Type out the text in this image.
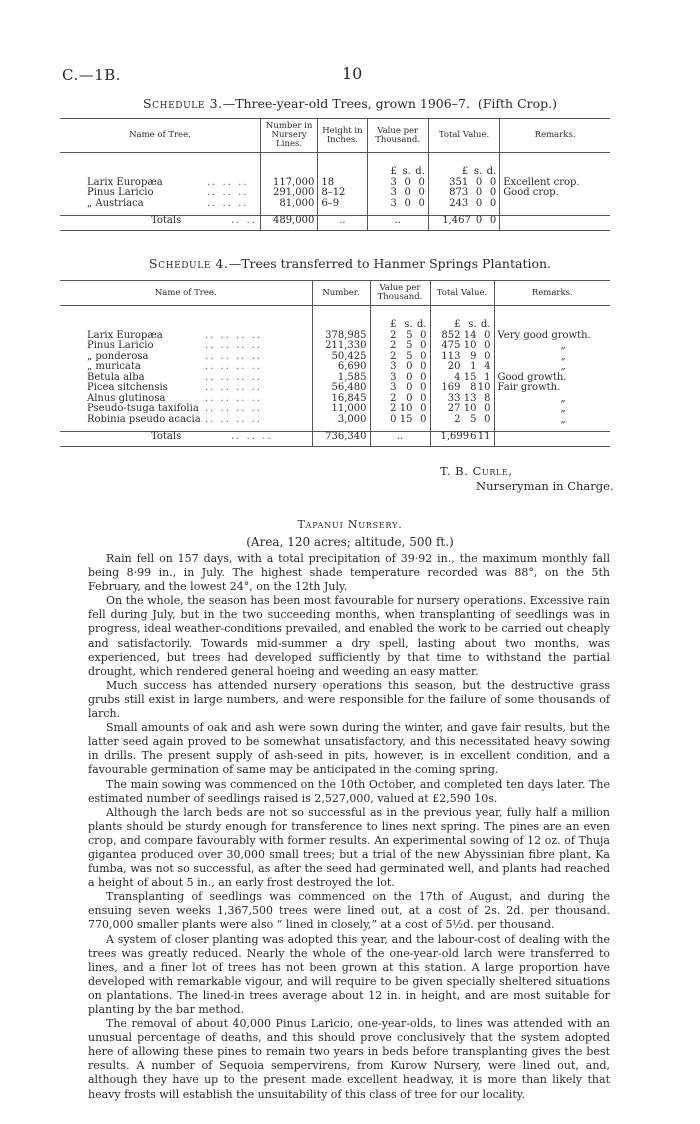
C.—1B.	10
Schedule 3.—Three-year-old Trees, grown 1906–7. (Fifth Crop.)
Name of Tree.	Number in Nursery Lines.	Height in Inches.	Value per Thousand.	Total Value.	Remarks.

			£ s. d.	£ s. d.	

Larix Europæa .. .. ..	117,000	18	3 0 0	351 0 0	Excellent crop.
Pinus Laricio .. .. ..	291,000	8–12	3 0 0	873 0 0	Good crop.
„ Austriaca .. .. ..	81,000	6–9	3 0 0	243 0 0	

Totals .. ..	489,000	..	..	1,467 0 0	

Schedule 4.—Trees transferred to Hanmer Springs Plantation.
Name of Tree.	Number.	Value per Thousand.	Total Value.	Remarks.

		£ s. d.	£ s. d.	

Larix Europæa .. .. .. ..	378,985	2 5 0	852 14 0	Very good growth.
Pinus Laricio .. .. .. ..	211,330	2 5 0	475 10 0	„
„ ponderosa .. .. .. ..	50,425	2 5 0	113 9 0	„
„ muricata .. .. .. ..	6,690	3 0 0	20 1 4	„
Betula alba .. .. .. ..	1,585	3 0 0	4 15 1	Good growth.
Picea sitchensis .. .. .. ..	56,480	3 0 0	169 810	Fair growth.
Alnus glutinosa .. .. .. ..	16,845	2 0 0	33 13 8	„
Pseudo-tsuga taxifolia .. .. .. ..	11,000	2 10 0	27 10 0	„
Robinia pseudo acacia .. .. .. ..	3,000	0 15 0	2 5 0	„

Totals .. .. ..	736,340	..	1,699611	

T. B. Curle,
Nurseryman in Charge.
Tapanui Nursery.
(Area, 120 acres; altitude, 500 ft.)

Rain fell on 157 days, with a total precipitation of 39·92 in., the maximum monthly fall being 8·99 in., in July. The highest shade temperature recorded was 88°, on the 5th February, and the lowest 24°, on the 12th July.

On the whole, the season has been most favourable for nursery operations. Excessive rain fell during July, but in the two succeeding months, when transplanting of seedlings was in progress, ideal weather-conditions prevailed, and enabled the work to be carried out cheaply and satisfactorily. Towards mid-summer a dry spell, lasting about two months, was experienced, but trees had developed sufficiently by that time to withstand the partial drought, which rendered general hoeing and weeding an easy matter.

Much success has attended nursery operations this season, but the destructive grass grubs still exist in large numbers, and were responsible for the failure of some thousands of larch.

Small amounts of oak and ash were sown during the winter, and gave fair results, but the latter seed again proved to be somewhat unsatisfactory, and this necessitated heavy sowing in drills. The present supply of ash-seed in pits, however, is in excellent condition, and a favourable germination of same may be anticipated in the coming spring.

The main sowing was commenced on the 10th October, and completed ten days later. The estimated number of seedlings raised is 2,527,000, valued at £2,590 10s.

Although the larch beds are not so successful as in the previous year, fully half a million plants should be sturdy enough for transference to lines next spring. The pines are an even crop, and compare favourably with former results. An experimental sowing of 12 oz. of Thuja gigantea produced over 30,000 small trees; but a trial of the new Abyssinian fibre plant, Ka fumba, was not so successful, as after the seed had germinated well, and plants had reached a height of about 5 in., an early frost destroyed the lot.

Transplanting of seedlings was commenced on the 17th of August, and during the ensuing seven weeks 1,367,500 trees were lined out, at a cost of 2s. 2d. per thousand. 770,000 smaller plants were also “ lined in closely,” at a cost of 5½d. per thousand.

A system of closer planting was adopted this year, and the labour-cost of dealing with the trees was greatly reduced. Nearly the whole of the one-year-old larch were transferred to lines, and a finer lot of trees has not been grown at this station. A large proportion have developed with remarkable vigour, and will require to be given specially sheltered situations on plantations. The lined-in trees average about 12 in. in height, and are most suitable for planting by the bar method.

The removal of about 40,000 Pinus Laricio, one-year-olds, to lines was attended with an unusual percentage of deaths, and this should prove conclusively that the system adopted here of allowing these pines to remain two years in beds before transplanting gives the best results. A number of Sequoia sempervirens, from Kurow Nursery, were lined out, and, although they have up to the present made excellent headway, it is more than likely that heavy frosts will establish the unsuitability of this class of tree for our locality.
